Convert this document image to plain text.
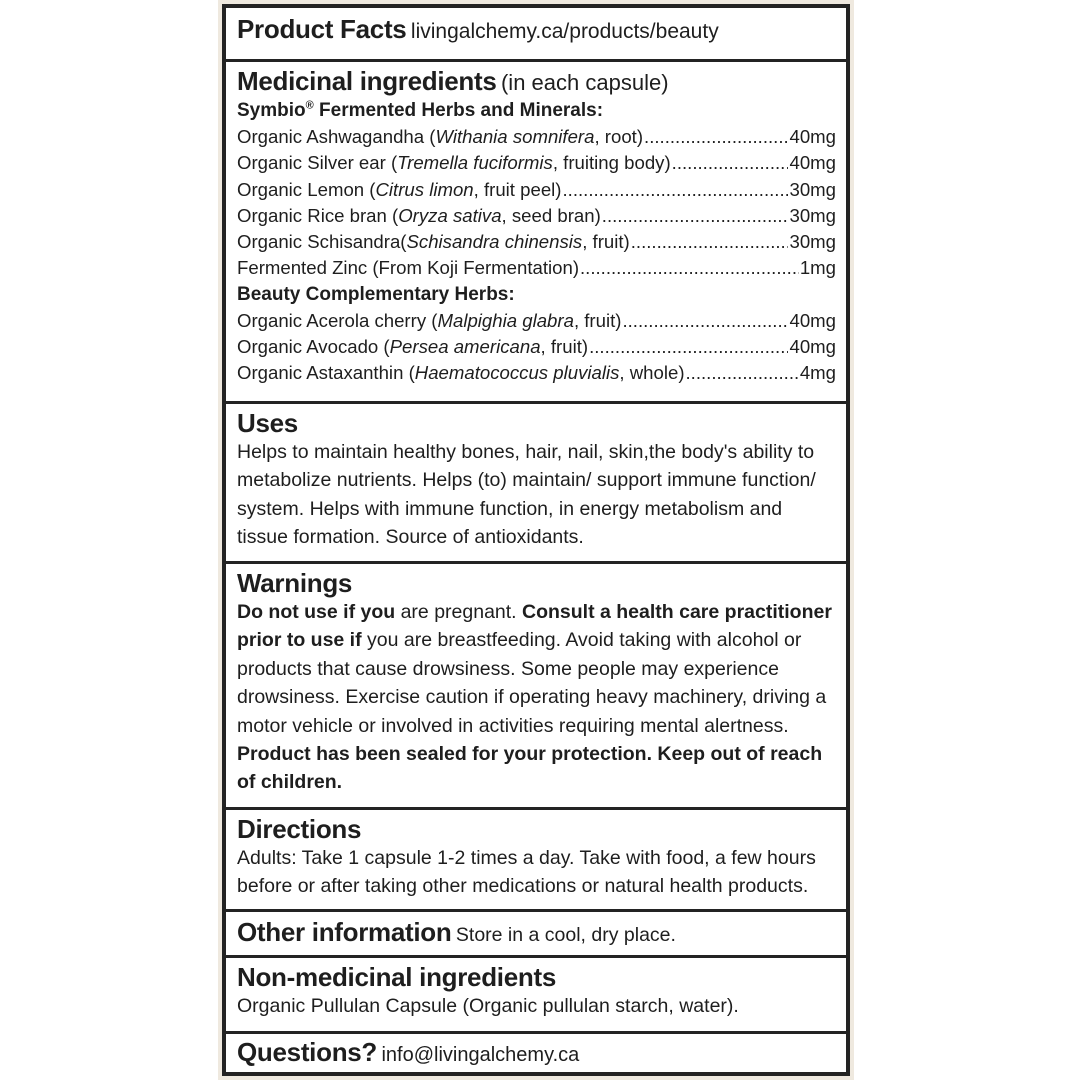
Product Facts livingalchemy.ca/products/beauty
Medicinal ingredients (in each capsule)
Symbio® Fermented Herbs and Minerals:
Organic Ashwagandha (Withania somnifera, root) .....	40mg
Organic Silver ear (Tremella fuciformis, fruiting body) .....	40mg
Organic Lemon (Citrus limon, fruit peel) .....	30mg
Organic Rice bran (Oryza sativa, seed bran) .....	30mg
Organic Schisandra(Schisandra chinensis, fruit) .....	30mg
Fermented Zinc (From Koji Fermentation) .....	1mg
Beauty Complementary Herbs:
Organic Acerola cherry (Malpighia glabra, fruit) .....	40mg
Organic Avocado (Persea americana, fruit) .....	40mg
Organic Astaxanthin (Haematococcus pluvialis, whole) .....	4mg
Uses
Helps to maintain healthy bones, hair, nail, skin,the body's ability to metabolize nutrients. Helps (to) maintain/ support immune function/ system. Helps with immune function, in energy metabolism and tissue formation. Source of antioxidants.
Warnings
Do not use if you are pregnant. Consult a health care practitioner prior to use if you are breastfeeding. Avoid taking with alcohol or products that cause drowsiness. Some people may experience drowsiness. Exercise caution if operating heavy machinery, driving a motor vehicle or involved in activities requiring mental alertness. Product has been sealed for your protection. Keep out of reach of children.
Directions
Adults: Take 1 capsule 1-2 times a day. Take with food, a few hours before or after taking other medications or natural health products.
Other information Store in a cool, dry place.
Non-medicinal ingredients
Organic Pullulan Capsule (Organic pullulan starch, water).
Questions? info@livingalchemy.ca
